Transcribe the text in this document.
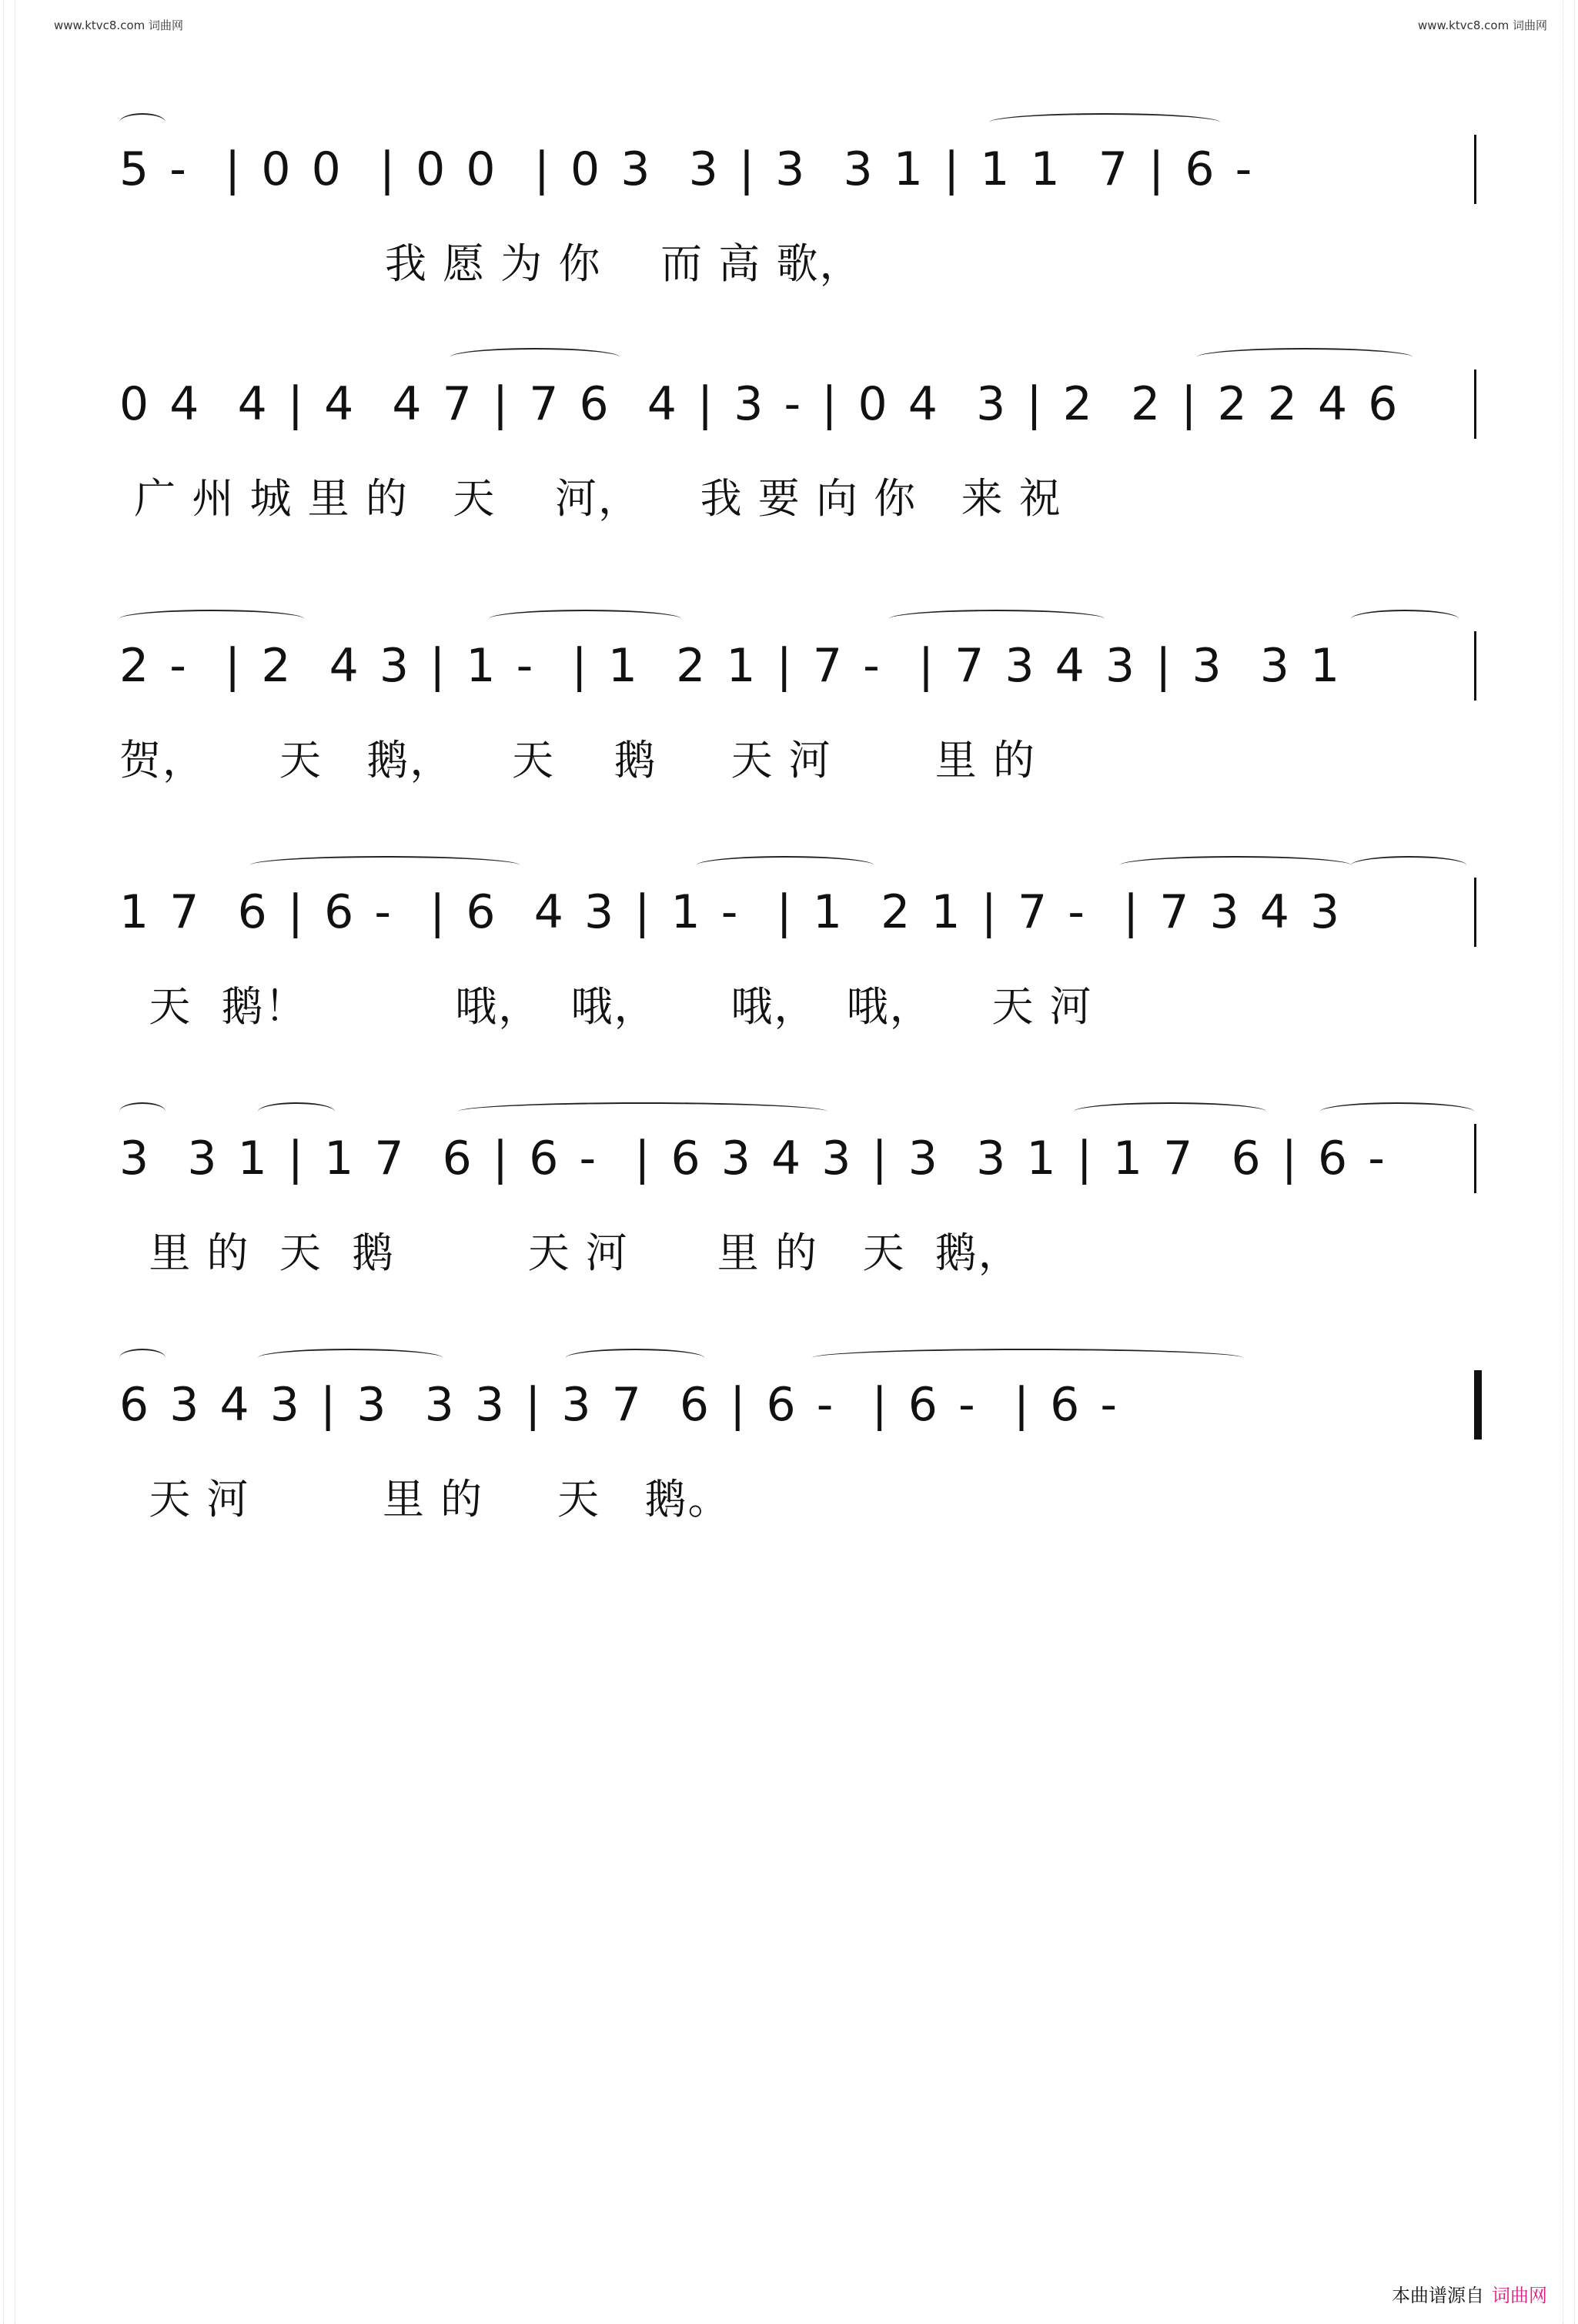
www.ktvc8.com 词曲网	www.ktvc8.com 词曲网
5 -  | 0 0  | 0 0  | 0 3  3 | 3  3 1 | 1 1  7 | 6 -
我 愿 为 你    而 高 歌，
0 4  4 | 4  4 7 | 7 6  4 | 3 - | 0 4  3 | 2  2 | 2 2 4 6
广 州 城 里 的   天    河，    我 要 向 你   来 祝
2 -  | 2  4 3 | 1 -  | 1  2 1 | 7 -  | 7 3 4 3 | 3  3 1
贺，     天   鹅，    天    鹅     天 河       里 的
1 7  6 | 6 -  | 6  4 3 | 1 -  | 1  2 1 | 7 -  | 7 3 4 3
天  鹅！          哦，  哦，     哦，  哦，    天 河
3  3 1 | 1 7  6 | 6 -  | 6 3 4 3 | 3  3 1 | 1 7  6 | 6 -
里 的  天  鹅         天 河      里 的   天  鹅，
6 3 4 3 | 3  3 3 | 3 7  6 | 6 -  | 6 -  | 6 -
天 河         里 的     天   鹅。
本曲谱源自 词曲网
